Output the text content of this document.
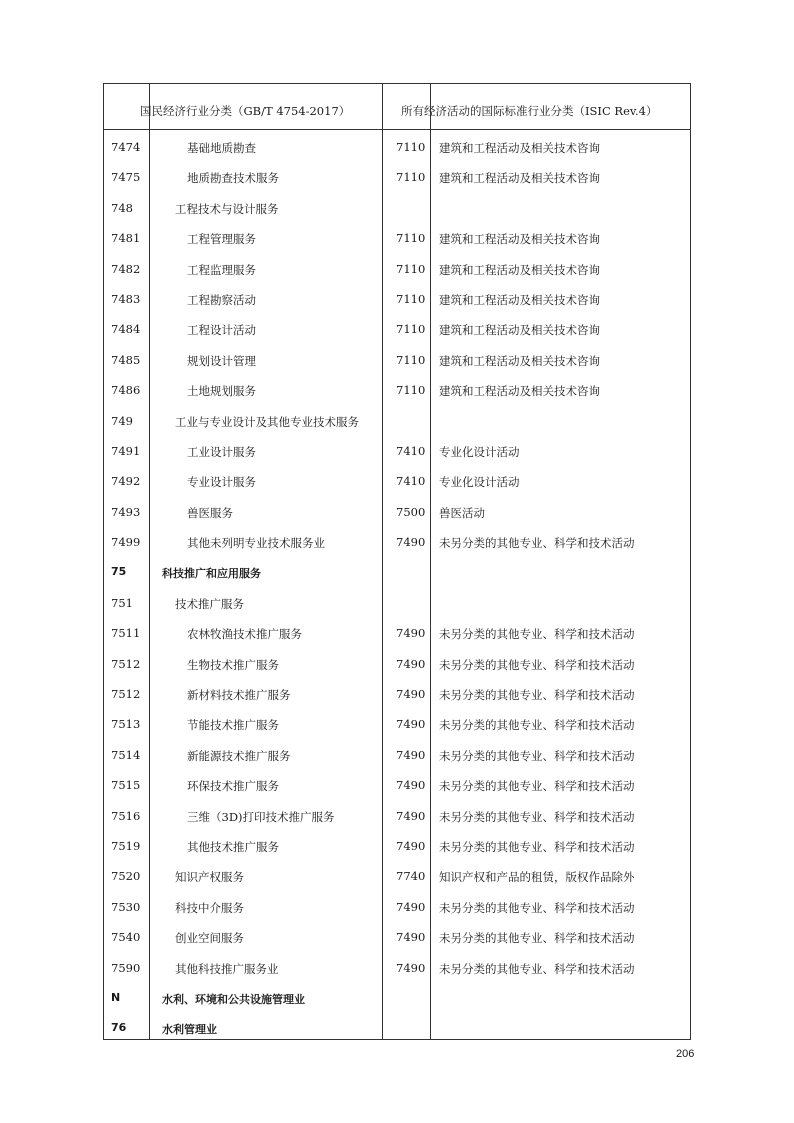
国民经济行业分类（GB/T 4754-2017）	所有经济活动的国际标准行业分类（ISIC Rev.4）
7474	基础地质勘查	7110 建筑和工程活动及相关技术咨询
7475	地质勘查技术服务	7110 建筑和工程活动及相关技术咨询
748	工程技术与设计服务
7481	工程管理服务	7110 建筑和工程活动及相关技术咨询
7482	工程监理服务	7110 建筑和工程活动及相关技术咨询
7483	工程勘察活动	7110 建筑和工程活动及相关技术咨询
7484	工程设计活动	7110 建筑和工程活动及相关技术咨询
7485	规划设计管理	7110 建筑和工程活动及相关技术咨询
7486	土地规划服务	7110 建筑和工程活动及相关技术咨询
749	工业与专业设计及其他专业技术服务
7491	工业设计服务	7410 专业化设计活动
7492	专业设计服务	7410 专业化设计活动
7493	兽医服务	7500 兽医活动
7499	其他未列明专业技术服务业	7490 未另分类的其他专业、科学和技术活动
75	科技推广和应用服务
751	技术推广服务
7511	农林牧渔技术推广服务	7490 未另分类的其他专业、科学和技术活动
7512	生物技术推广服务	7490 未另分类的其他专业、科学和技术活动
7512	新材料技术推广服务	7490 未另分类的其他专业、科学和技术活动
7513	节能技术推广服务	7490 未另分类的其他专业、科学和技术活动
7514	新能源技术推广服务	7490 未另分类的其他专业、科学和技术活动
7515	环保技术推广服务	7490 未另分类的其他专业、科学和技术活动
7516	三维（3D)打印技术推广服务	7490 未另分类的其他专业、科学和技术活动
7519	其他技术推广服务	7490 未另分类的其他专业、科学和技术活动
7520	知识产权服务	7740 知识产权和产品的租赁，版权作品除外
7530	科技中介服务	7490 未另分类的其他专业、科学和技术活动
7540	创业空间服务	7490 未另分类的其他专业、科学和技术活动
7590	其他科技推广服务业	7490 未另分类的其他专业、科学和技术活动
N	水利、环境和公共设施管理业
76	水利管理业
206
